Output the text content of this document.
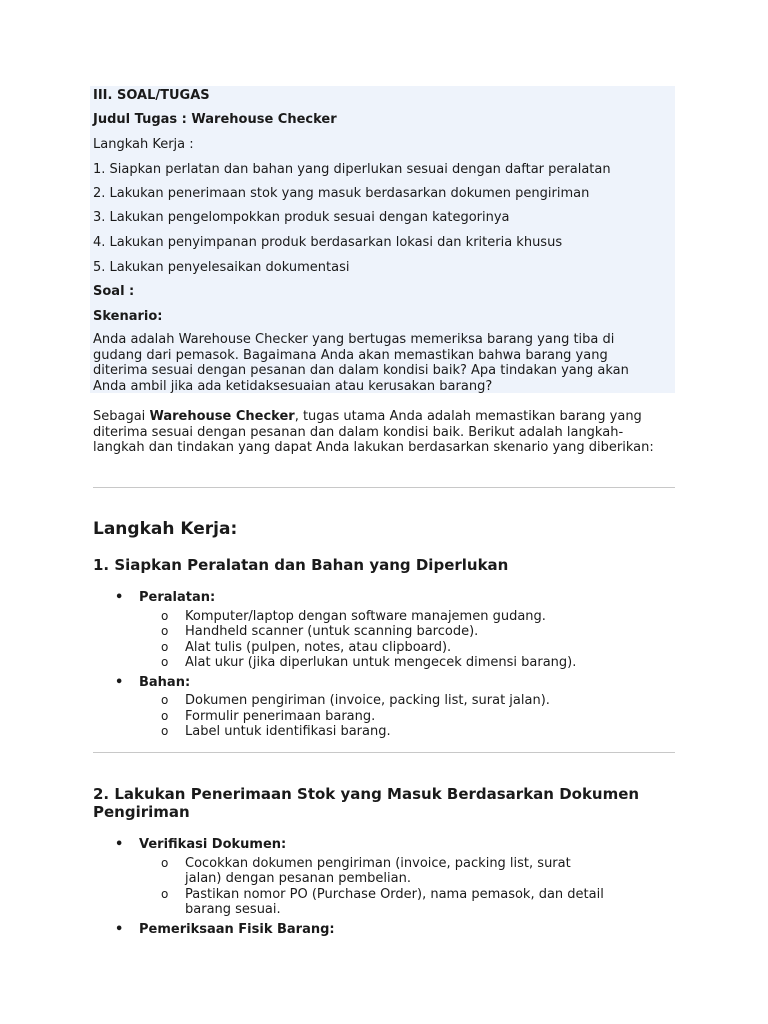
III. SOAL/TUGAS
Judul Tugas : Warehouse Checker
Langkah Kerja :
1. Siapkan perlatan dan bahan yang diperlukan sesuai dengan daftar peralatan
2. Lakukan penerimaan stok yang masuk berdasarkan dokumen pengiriman
3. Lakukan pengelompokkan produk sesuai dengan kategorinya
4. Lakukan penyimpanan produk berdasarkan lokasi dan kriteria khusus
5. Lakukan penyelesaikan dokumentasi
Soal :
Skenario:
Anda adalah Warehouse Checker yang bertugas memeriksa barang yang tiba di gudang dari pemasok. Bagaimana Anda akan memastikan bahwa barang yang diterima sesuai dengan pesanan dan dalam kondisi baik? Apa tindakan yang akan Anda ambil jika ada ketidaksesuaian atau kerusakan barang?
Sebagai Warehouse Checker, tugas utama Anda adalah memastikan barang yang diterima sesuai dengan pesanan dan dalam kondisi baik. Berikut adalah langkah-langkah dan tindakan yang dapat Anda lakukan berdasarkan skenario yang diberikan:
Langkah Kerja:
1. Siapkan Peralatan dan Bahan yang Diperlukan
• Peralatan:
o Komputer/laptop dengan software manajemen gudang.
o Handheld scanner (untuk scanning barcode).
o Alat tulis (pulpen, notes, atau clipboard).
o Alat ukur (jika diperlukan untuk mengecek dimensi barang).
• Bahan:
o Dokumen pengiriman (invoice, packing list, surat jalan).
o Formulir penerimaan barang.
o Label untuk identifikasi barang.
2. Lakukan Penerimaan Stok yang Masuk Berdasarkan Dokumen Pengiriman
• Verifikasi Dokumen:
o Cocokkan dokumen pengiriman (invoice, packing list, surat jalan) dengan pesanan pembelian.
o Pastikan nomor PO (Purchase Order), nama pemasok, dan detail barang sesuai.
• Pemeriksaan Fisik Barang:
